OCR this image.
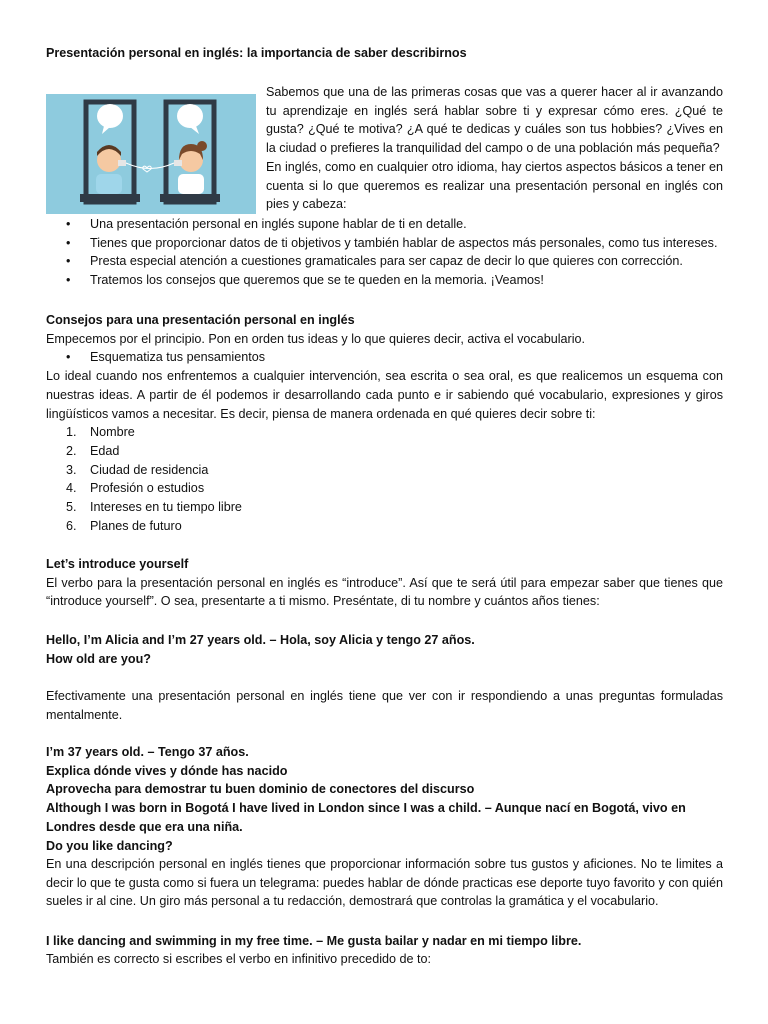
Presentación personal en inglés: la importancia de saber describirnos

Sabemos que una de las primeras cosas que vas a querer hacer al ir avanzando tu aprendizaje en inglés será hablar sobre ti y expresar cómo eres. ¿Qué te gusta? ¿Qué te motiva? ¿A qué te dedicas y cuáles son tus hobbies? ¿Vives en la ciudad o prefieres la tranquilidad del campo o de una población más pequeña?

En inglés, como en cualquier otro idioma, hay ciertos aspectos básicos a tener en cuenta si lo que queremos es realizar una presentación personal en inglés con pies y cabeza:

• Una presentación personal en inglés supone hablar de ti en detalle.
• Tienes que proporcionar datos de ti objetivos y también hablar de aspectos más personales, como tus intereses.
• Presta especial atención a cuestiones gramaticales para ser capaz de decir lo que quieres con corrección.
• Tratemos los consejos que queremos que se te queden en la memoria. ¡Veamos!

Consejos para una presentación personal en inglés

Empecemos por el principio. Pon en orden tus ideas y lo que quieres decir, activa el vocabulario.

• Esquematiza tus pensamientos

Lo ideal cuando nos enfrentemos a cualquier intervención, sea escrita o sea oral, es que realicemos un esquema con nuestras ideas. A partir de él podemos ir desarrollando cada punto e ir sabiendo qué vocabulario, expresiones y giros lingüísticos vamos a necesitar. Es decir, piensa de manera ordenada en qué quieres decir sobre ti:

1. Nombre
2. Edad
3. Ciudad de residencia
4. Profesión o estudios
5. Intereses en tu tiempo libre
6. Planes de futuro

Let’s introduce yourself

El verbo para la presentación personal en inglés es “introduce”. Así que te será útil para empezar saber que tienes que “introduce yourself”. O sea, presentarte a ti mismo. Preséntate, di tu nombre y cuántos años tienes:

Hello, I’m Alicia and I’m 27 years old. – Hola, soy Alicia y tengo 27 años.

How old are you?

Efectivamente una presentación personal en inglés tiene que ver con ir respondiendo a unas preguntas formuladas mentalmente.

I’m 37 years old. – Tengo 37 años.

Explica dónde vives y dónde has nacido

Aprovecha para demostrar tu buen dominio de conectores del discurso

Although I was born in Bogotá I have lived in London since I was a child. – Aunque nací en Bogotá, vivo en Londres desde que era una niña.

Do you like dancing?

En una descripción personal en inglés tienes que proporcionar información sobre tus gustos y aficiones. No te limites a decir lo que te gusta como si fuera un telegrama: puedes hablar de dónde practicas ese deporte tuyo favorito y con quién sueles ir al cine. Un giro más personal a tu redacción, demostrará que controlas la gramática y el vocabulario.
I like dancing and swimming in my free time. – Me gusta bailar y nadar en mi tiempo libre.
También es correcto si escribes el verbo en infinitivo precedido de to:
